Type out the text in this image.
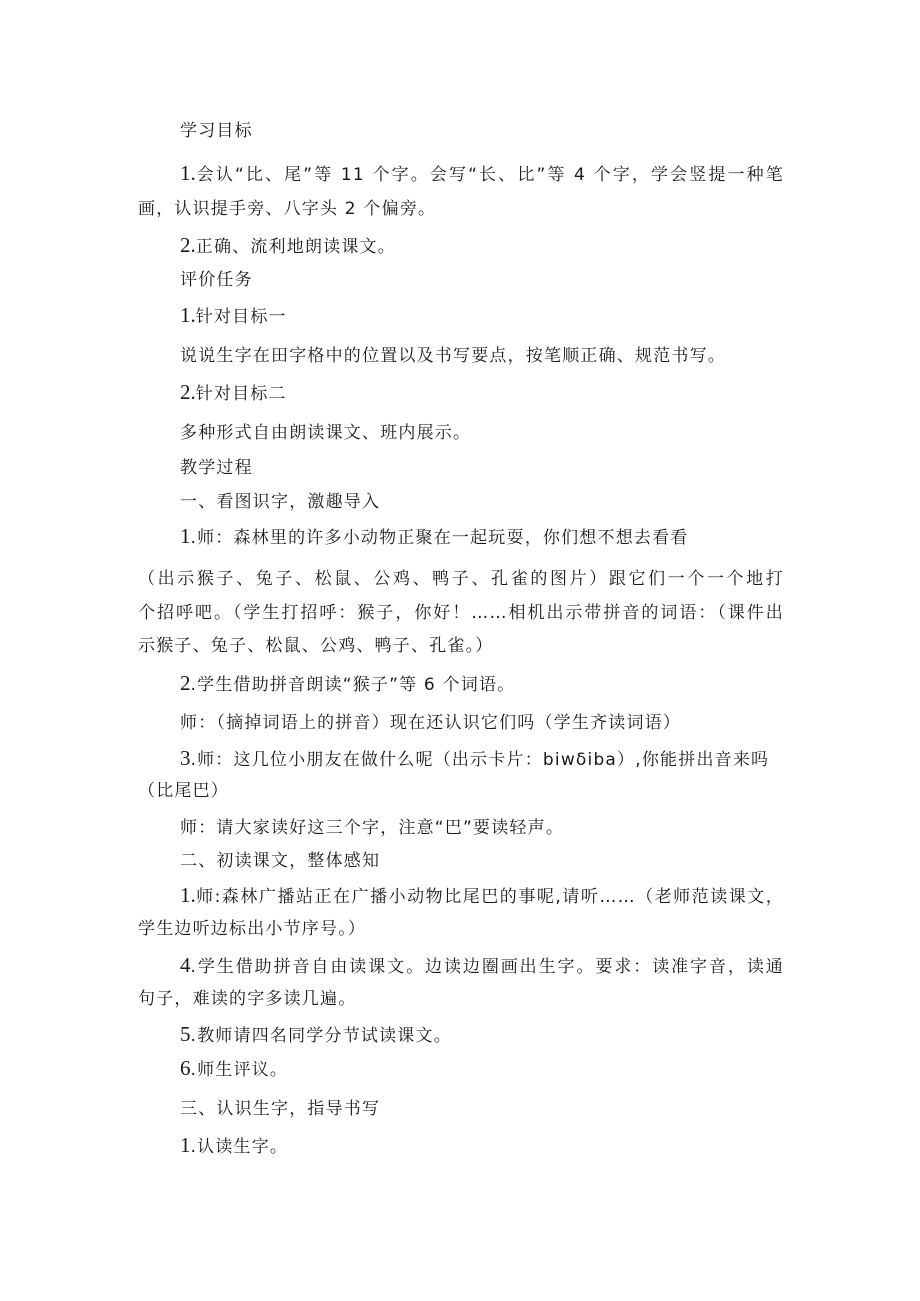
学习目标

1.会认“比、尾”等 11 个字。会写“长、比”等 4 个字，学会竖提一种笔

画，认识提手旁、八字头 2 个偏旁。

2.正确、流利地朗读课文。

评价任务

1.针对目标一

说说生字在田字格中的位置以及书写要点，按笔顺正确、规范书写。

2.针对目标二

多种形式自由朗读课文、班内展示。

教学过程

一、看图识字，激趣导入

1.师：森林里的许多小动物正聚在一起玩耍，你们想不想去看看

（出示猴子、兔子、松鼠、公鸡、鸭子、孔雀的图片）跟它们一个一个地打

个招呼吧。（学生打招呼：猴子，你好！……相机出示带拼音的词语：（课件出

示猴子、兔子、松鼠、公鸡、鸭子、孔雀。）

2.学生借助拼音朗读“猴子”等 6 个词语。

师：（摘掉词语上的拼音）现在还认识它们吗（学生齐读词语）

3.师：这几位小朋友在做什么呢（出示卡片：biwδiba）,你能拼出音来吗

（比尾巴）

师：请大家读好这三个字，注意“巴”要读轻声。

二、初读课文，整体感知

1.师:森林广播站正在广播小动物比尾巴的事呢,请听……（老师范读课文，

学生边听边标出小节序号。）

4.学生借助拼音自由读课文。边读边圈画出生字。要求：读准字音，读通

句子，难读的字多读几遍。

5.教师请四名同学分节试读课文。

6.师生评议。

三、认识生字，指导书写

1.认读生字。
